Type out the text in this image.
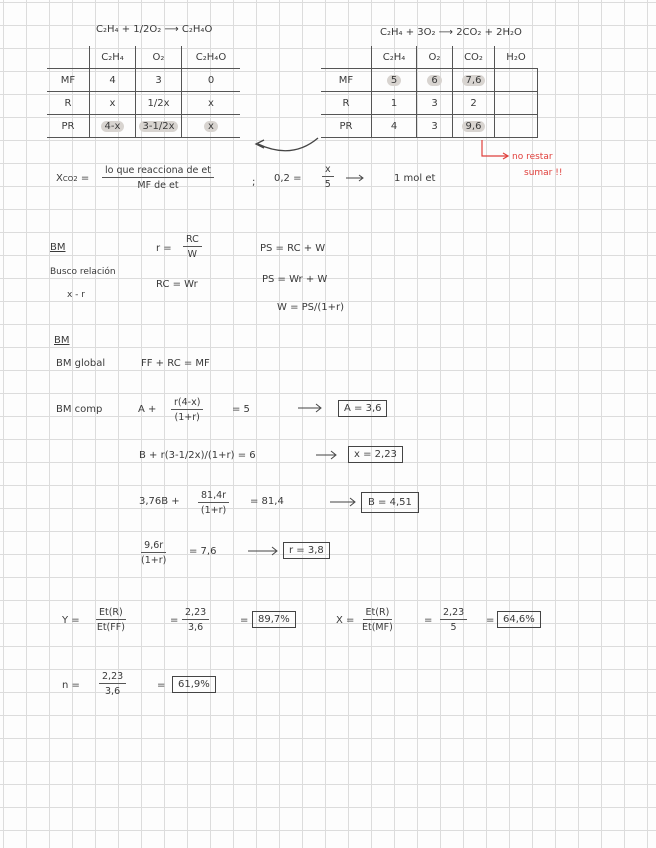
C₂H₄ + 1/2O₂ ⟶ C₂H₄O
	C₂H₄	O₂	C₂H₄O
MF	4	3	0
R	x	1/2x	x
PR	4-x	3-1/2x	x
C₂H₄ + 3O₂ ⟶ 2CO₂ + 2H₂O
	C₂H₄	O₂	CO₂	H₂O
MF	5	6	7,6	
R	1	3	2	
PR	4	3	9,6	
no restar
sumar !!
XCO2 =
lo que reacciona de et
MF de et	; $0,2 = \frac{x}{5}$	1 mol et
BM
Busco relación
x - r
$r = \frac{RC}{W}$
RC = Wr
PS = RC + W
PS = Wr + W
W = PS/(1+r)
BM
BM global	FF + RC = MF
BM comp	$A + \frac{r(4-x)}{(1+r)}$	= 5	A = 3,6
B + r(3-1/2x)/(1+r) = 6	x = 2,23
$3,76B + \frac{81,4r}{(1+r)} = 81,4$	B = 4,51
$\frac{9,6r}{(1+r)} = 7,6$	r = 3,8
$Y = \frac{Et(R)}{Et(FF)}$	= $\frac{2,23}{3,6}$	= 89,7%	$X = \frac{Et(R)}{Et(MF)}$	= $\frac{2,23}{5} = 64,6\%$
$n = \frac{2,23}{3,6}$	=	61,9%
